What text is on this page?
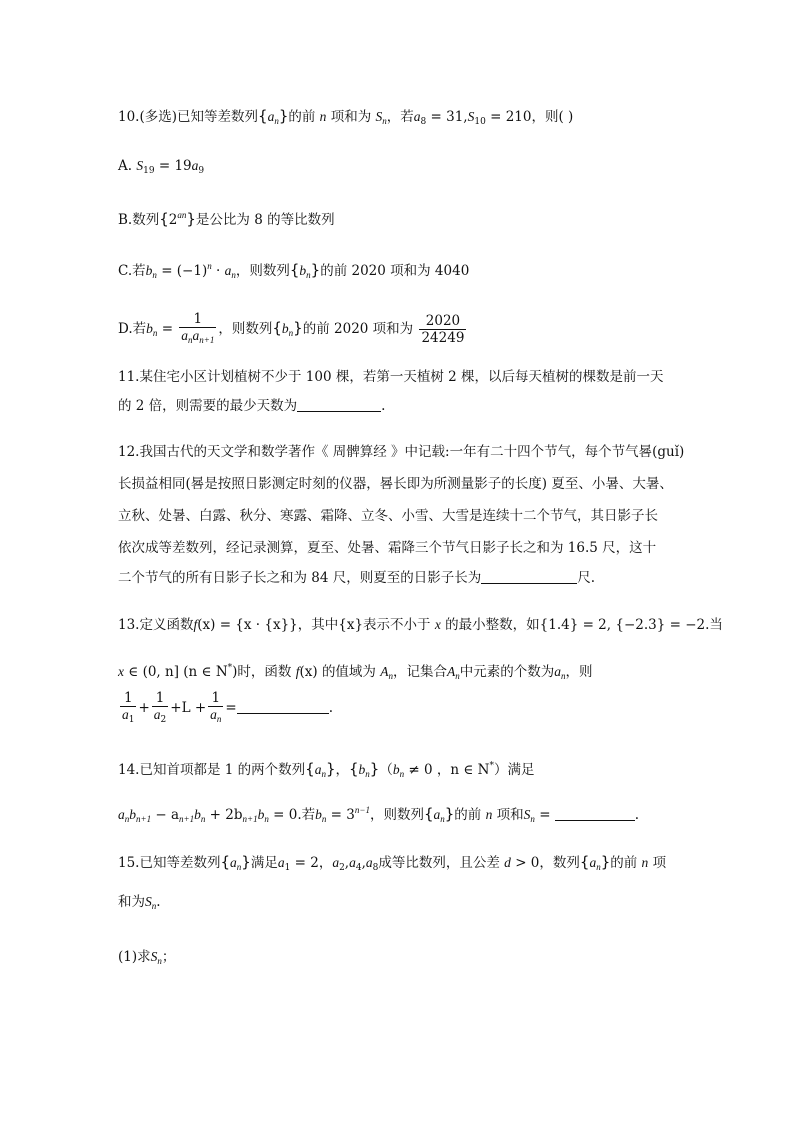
10.(多选)已知等差数列$\{a_n\}$的前 n 项和为 $S_n$，若$a_8 = 31,S_{10} = 210$，则( )
A. $S_{19} = 19a_9$
B.数列$\{2^{an}\}$是公比为 8 的等比数列
C.若$b_n = (-1)^n \cdot a_n$，则数列$\{b_n\}$的前 2020 项和为 4040
D.若$b_n = \frac{1}{a_na_{n+1}}$ ，则数列$\{b_n\}$的前 2020 项和为 $\frac{2020}{24249}$
11.某住宅小区计划植树不少于 100 棵，若第一天植树 2 棵，以后每天植树的棵数是前一天
的 2 倍，则需要的最少天数为	.
12.我国古代的天文学和数学著作《 周髀算经 》中记载:一年有二十四个节气，每个节气晷(guǐ)
长损益相同(晷是按照日影测定时刻的仪器，晷长即为所测量影子的长度) 夏至、小暑、大暑、
立秋、处暑、白露、秋分、寒露、霜降、立冬、小雪、大雪是连续十二个节气，其日影子长
依次成等差数列，经记录测算，夏至、处暑、霜降三个节气日影子长之和为 16.5 尺，这十
二个节气的所有日影子长之和为 84 尺，则夏至的日影子长为	尺.
13.定义函数f(x) = {x · {x}}，其中{x}表示不小于 x 的最小整数，如{1.4} = 2, {−2.3} = −2.当
x ∈ (0, n] (n ∈ N*)时，函数 f(x) 的值域为 $A_n$，记集合$A_n$中元素的个数为$a_n$，则
$\frac{1}{a_1} + \frac{1}{a_2} +L + \frac{1}{a_n}$ =	.
14.已知首项都是 1 的两个数列$\{a_n\}$，$\{b_n\}(b_n \ne 0$ ，n ∈ N*）满足
$a_nb_{n+1} - a_{n+1}b_n + 2b_{n+1}b_n = 0$.若$b_n = 3^{n-1}$，则数列$\{a_n\}$的前 n 项和$S_n$ =	.
15.已知等差数列$\{a_n\}$满足$a_1 = 2$，$a_2,a_4,a_8$成等比数列，且公差 d > 0，数列$\{a_n\}$的前 n 项
和为$S_n$.
(1)求$S_n$；
